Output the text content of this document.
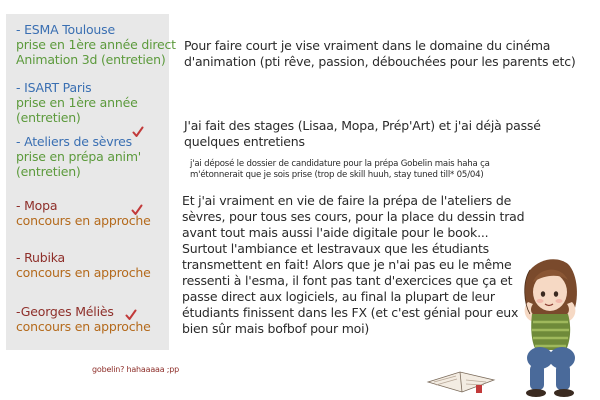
- ESMA Toulouse
prise en 1ère année direct
Animation 3d (entretien)
- ISART Paris
prise en 1ère année
(entretien)
- Ateliers de sèvres
prise en prépa anim'
(entretien)
- Mopa
concours en approche
- Rubika
concours en approche
-Georges Méliès
concours en approche
Pour faire court je vise vraiment dans le domaine du cinéma
d'animation (pti rêve, passion, débouchées pour les parents etc)
J'ai fait des stages (Lisaa, Mopa, Prép'Art) et j'ai déjà passé
quelques entretiens
j'ai déposé le dossier de candidature pour la prépa Gobelin mais haha ça
m'étonnerait que je sois prise (trop de skill huuh, stay tuned till* 05/04)
Et j'ai vraiment en vie de faire la prépa de l'ateliers de
sèvres, pour tous ses cours, pour la place du dessin trad
avant tout mais aussi l'aide digitale pour le book...
Surtout l'ambiance et lestravaux que les étudiants
transmettent en fait! Alors que je n'ai pas eu le même
ressenti à l'esma, il font pas tant d'exercices que ça et
passe direct aux logiciels, au final la plupart de leur
étudiants finissent dans les FX (et c'est génial pour eux
bien sûr mais bofbof pour moi)
gobelin? hahaaaaa ;pp
